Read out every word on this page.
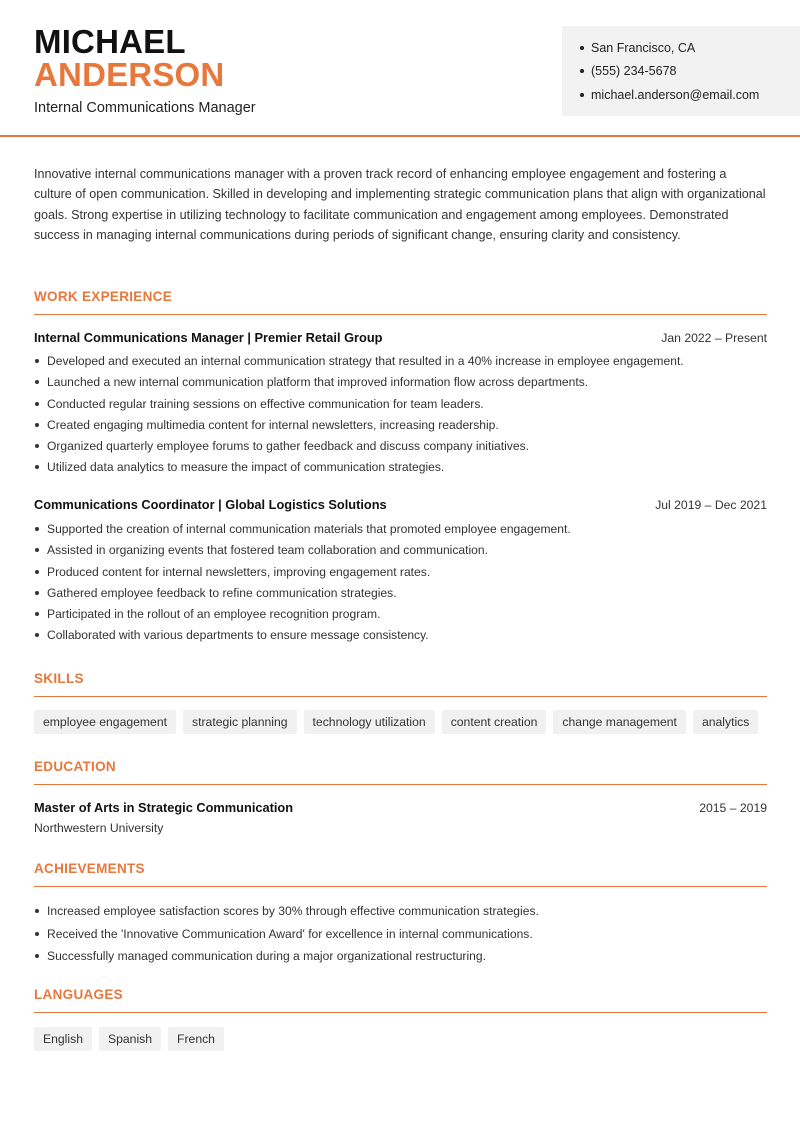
MICHAEL
ANDERSON
Internal Communications Manager
San Francisco, CA
(555) 234-5678
michael.anderson@email.com

Innovative internal communications manager with a proven track record of enhancing employee engagement and fostering a culture of open communication. Skilled in developing and implementing strategic communication plans that align with organizational goals. Strong expertise in utilizing technology to facilitate communication and engagement among employees. Demonstrated success in managing internal communications during periods of significant change, ensuring clarity and consistency.

WORK EXPERIENCE
Internal Communications Manager | Premier Retail Group	Jan 2022 – Present
Developed and executed an internal communication strategy that resulted in a 40% increase in employee engagement.
Launched a new internal communication platform that improved information flow across departments.
Conducted regular training sessions on effective communication for team leaders.
Created engaging multimedia content for internal newsletters, increasing readership.
Organized quarterly employee forums to gather feedback and discuss company initiatives.
Utilized data analytics to measure the impact of communication strategies.
Communications Coordinator | Global Logistics Solutions	Jul 2019 – Dec 2021
Supported the creation of internal communication materials that promoted employee engagement.
Assisted in organizing events that fostered team collaboration and communication.
Produced content for internal newsletters, improving engagement rates.
Gathered employee feedback to refine communication strategies.
Participated in the rollout of an employee recognition program.
Collaborated with various departments to ensure message consistency.
SKILLS
employee engagement	strategic planning	technology utilization	content creation	change management	analytics
EDUCATION
Master of Arts in Strategic Communication	2015 – 2019
Northwestern University
ACHIEVEMENTS
Increased employee satisfaction scores by 30% through effective communication strategies.
Received the 'Innovative Communication Award' for excellence in internal communications.
Successfully managed communication during a major organizational restructuring.
LANGUAGES
English	Spanish	French
